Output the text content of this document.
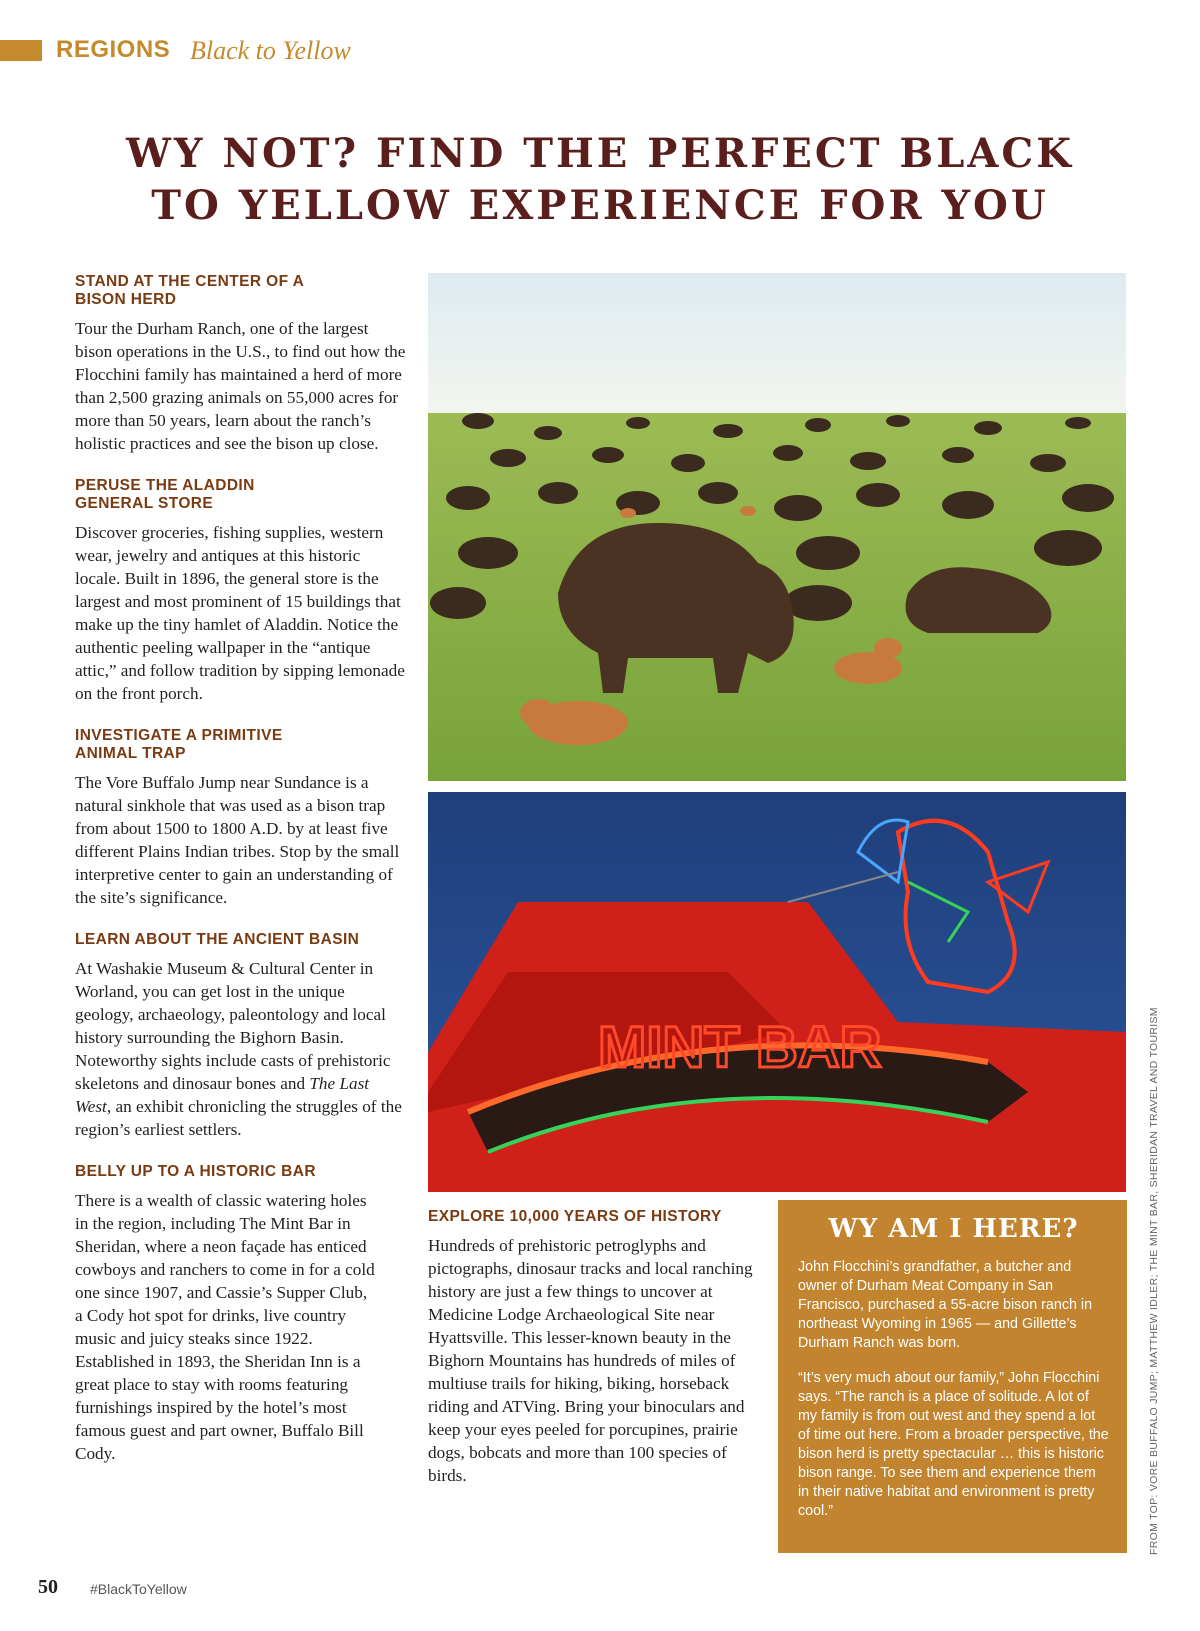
REGIONS Black to Yellow
WY NOT? FIND THE PERFECT BLACK TO YELLOW EXPERIENCE FOR YOU
STAND AT THE CENTER OF A BISON HERD

Tour the Durham Ranch, one of the largest bison operations in the U.S., to find out how the Flocchini family has maintained a herd of more than 2,500 grazing animals on 55,000 acres for more than 50 years, learn about the ranch’s holistic practices and see the bison up close.

PERUSE THE ALADDIN GENERAL STORE

Discover groceries, fishing supplies, western wear, jewelry and antiques at this historic locale. Built in 1896, the general store is the largest and most prominent of 15 buildings that make up the tiny hamlet of Aladdin. Notice the authentic peeling wallpaper in the “antique attic,” and follow tradition by sipping lemonade on the front porch.

INVESTIGATE A PRIMITIVE ANIMAL TRAP

The Vore Buffalo Jump near Sundance is a natural sinkhole that was used as a bison trap from about 1500 to 1800 A.D. by at least five different Plains Indian tribes. Stop by the small interpretive center to gain an understanding of the site’s significance.

LEARN ABOUT THE ANCIENT BASIN

At Washakie Museum & Cultural Center in Worland, you can get lost in the unique geology, archaeology, paleontology and local history surrounding the Bighorn Basin. Noteworthy sights include casts of prehistoric skeletons and dinosaur bones and The Last West, an exhibit chronicling the struggles of the region’s earliest settlers.

BELLY UP TO A HISTORIC BAR

There is a wealth of classic watering holes in the region, including The Mint Bar in Sheridan, where a neon façade has enticed cowboys and ranchers to come in for a cold one since 1907, and Cassie’s Supper Club, a Cody hot spot for drinks, live country music and juicy steaks since 1922. Established in 1893, the Sheridan Inn is a great place to stay with rooms featuring furnishings inspired by the hotel’s most famous guest and part owner, Buffalo Bill Cody.

MINT BAR
EXPLORE 10,000 YEARS OF HISTORY

Hundreds of prehistoric petroglyphs and pictographs, dinosaur tracks and local ranching history are just a few things to uncover at Medicine Lodge Archaeological Site near Hyattsville. This lesser-known beauty in the Bighorn Mountains has hundreds of miles of multiuse trails for hiking, biking, horseback riding and ATVing. Bring your binoculars and keep your eyes peeled for porcupines, prairie dogs, bobcats and more than 100 species of birds.

WY AM I HERE?

John Flocchini’s grandfather, a butcher and owner of Durham Meat Company in San Francisco, purchased a 55-acre bison ranch in northeast Wyoming in 1965 — and Gillette’s Durham Ranch was born.

“It’s very much about our family,” John Flocchini says. “The ranch is a place of solitude. A lot of my family is from out west and they spend a lot of time out here. From a broader perspective, the bison herd is pretty spectacular … this is historic bison range. To see them and experience them in their native habitat and environment is pretty cool.”	FROM TOP: VORE BUFFALO JUMP; MATTHEW IDLER; THE MINT BAR, SHERIDAN TRAVEL AND TOURISM
50 #BlackToYellow
